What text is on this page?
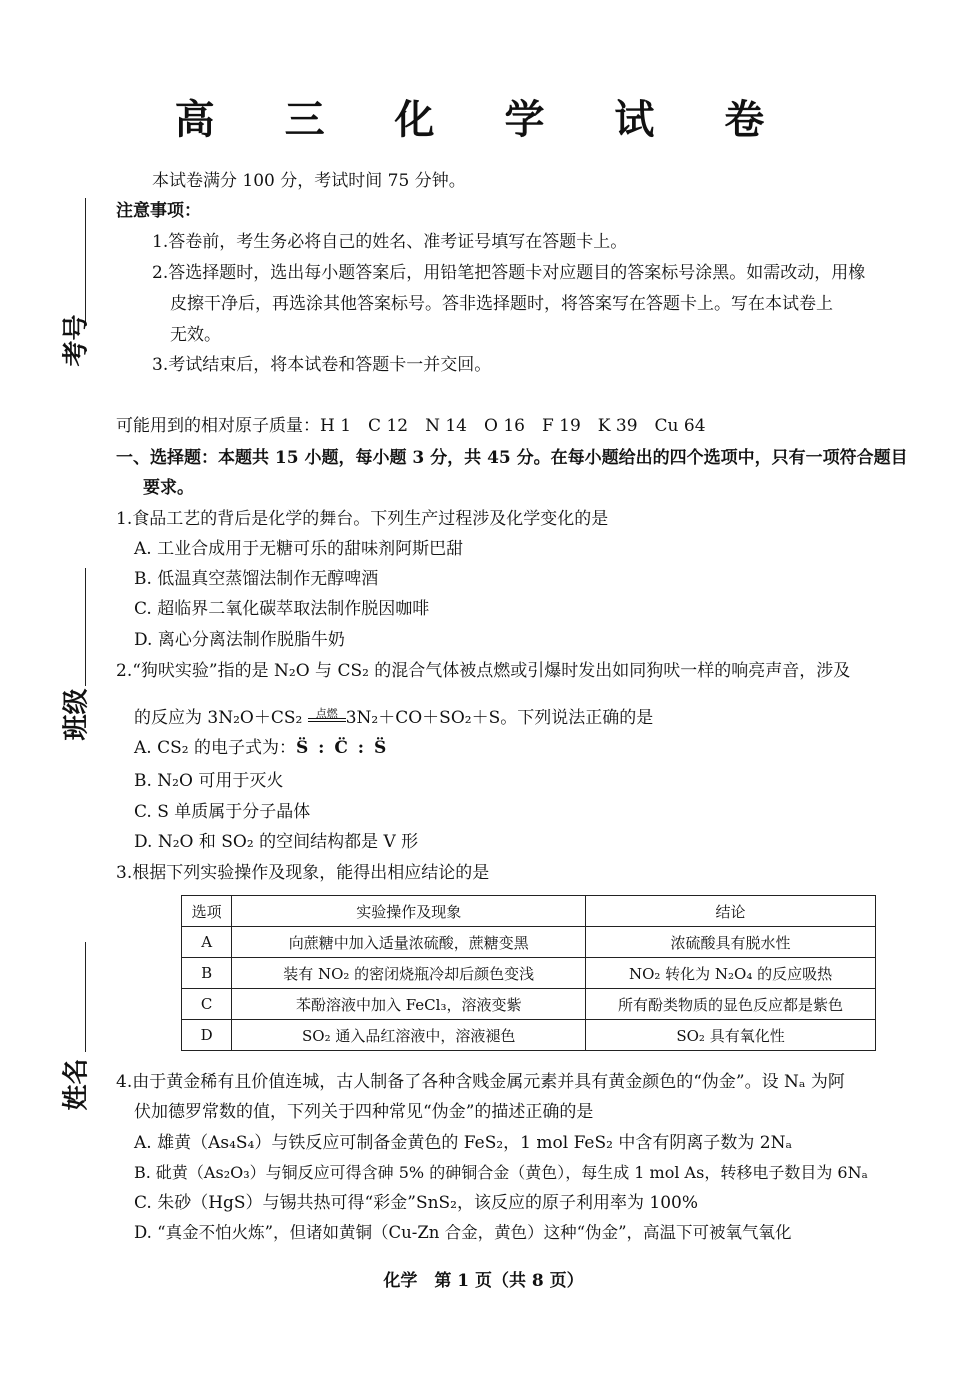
高 三 化 学 试 卷
考号
班级
姓名
本试卷满分 100 分，考试时间 75 分钟。
注意事项：
1.答卷前，考生务必将自己的姓名、准考证号填写在答题卡上。
2.答选择题时，选出每小题答案后，用铅笔把答题卡对应题目的答案标号涂黑。如需改动，用橡
皮擦干净后，再选涂其他答案标号。答非选择题时，将答案写在答题卡上。写在本试卷上
无效。
3.考试结束后，将本试卷和答题卡一并交回。
可能用到的相对原子质量：H 1　C 12　N 14　O 16　F 19　K 39　Cu 64
一、选择题：本题共 15 小题，每小题 3 分，共 45 分。在每小题给出的四个选项中，只有一项符合题目
要求。
1.食品工艺的背后是化学的舞台。下列生产过程涉及化学变化的是
A. 工业合成用于无糖可乐的甜味剂阿斯巴甜
B. 低温真空蒸馏法制作无醇啤酒
C. 超临界二氧化碳萃取法制作脱因咖啡
D. 离心分离法制作脱脂牛奶
2.“狗吠实验”指的是 N₂O 与 CS₂ 的混合气体被点燃或引爆时发出如同狗吠一样的响亮声音，涉及
的反应为 3N₂O＋CS₂ 点燃 3N₂＋CO＋SO₂＋S。下列说法正确的是
A. CS₂ 的电子式为：S̈ : C̈ : S̈
B. N₂O 可用于灭火
C. S 单质属于分子晶体
D. N₂O 和 SO₂ 的空间结构都是 V 形
3.根据下列实验操作及现象，能得出相应结论的是
选项	实验操作及现象	结论
A	向蔗糖中加入适量浓硫酸，蔗糖变黑	浓硫酸具有脱水性
B	装有 NO₂ 的密闭烧瓶冷却后颜色变浅	NO₂ 转化为 N₂O₄ 的反应吸热
C	苯酚溶液中加入 FeCl₃，溶液变紫	所有酚类物质的显色反应都是紫色
D	SO₂ 通入品红溶液中，溶液褪色	SO₂ 具有氧化性
4.由于黄金稀有且价值连城，古人制备了各种含贱金属元素并具有黄金颜色的“伪金”。设 Nₐ 为阿
伏加德罗常数的值，下列关于四种常见“伪金”的描述正确的是
A. 雄黄（As₄S₄）与铁反应可制备金黄色的 FeS₂，1 mol FeS₂ 中含有阴离子数为 2Nₐ
B. 砒黄（As₂O₃）与铜反应可得含砷 5% 的砷铜合金（黄色），每生成 1 mol As，转移电子数目为 6Nₐ
C. 朱砂（HgS）与锡共热可得“彩金”SnS₂，该反应的原子利用率为 100%
D. “真金不怕火炼”，但诸如黄铜（Cu-Zn 合金，黄色）这种“伪金”，高温下可被氧气氧化
化学　第 1 页（共 8 页）
